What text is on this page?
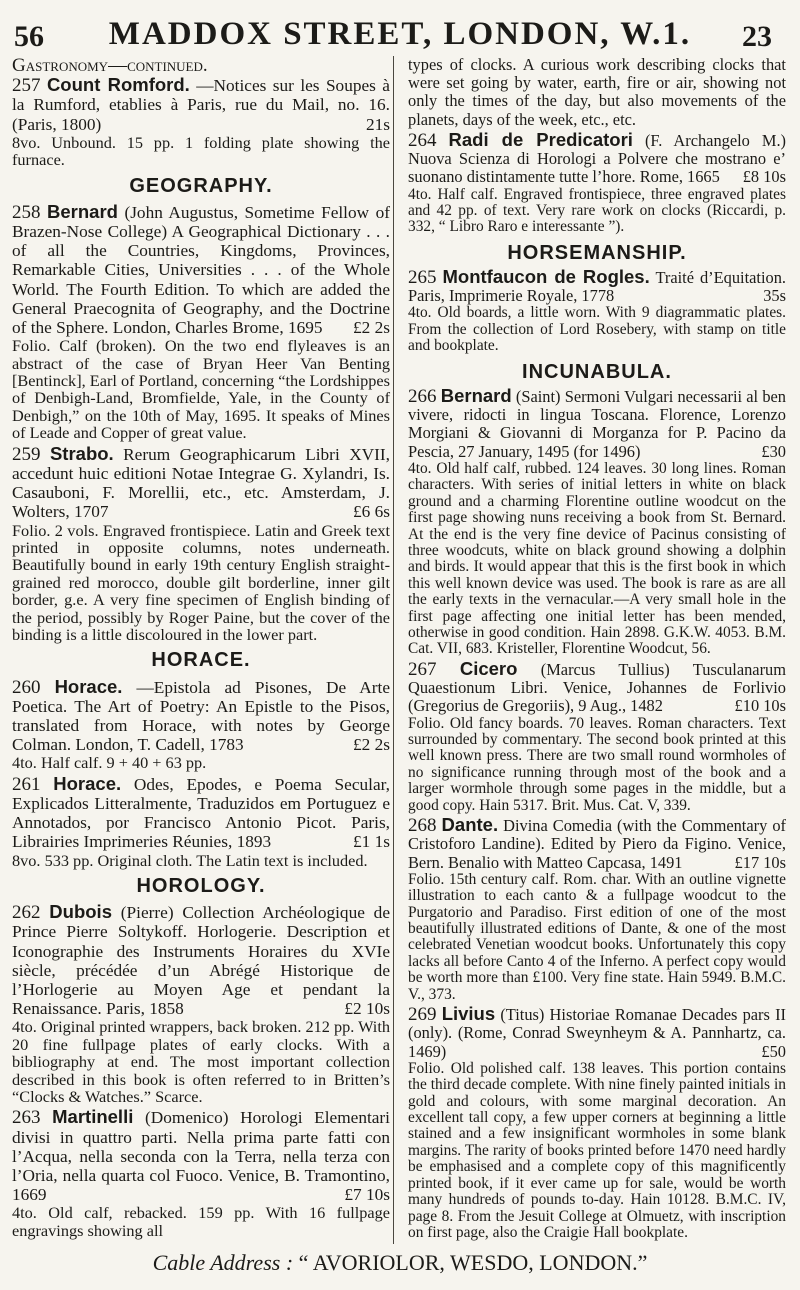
56	MADDOX STREET, LONDON, W.1.	23
Gastronomy—continued.
257 Count Romford. —Notices sur les Soupes à la Rumford, etablies à Paris, rue du Mail, no. 16. (Paris, 1800)	21s
8vo. Unbound. 15 pp. 1 folding plate showing the furnace.
GEOGRAPHY.
258 Bernard (John Augustus, Sometime Fellow of Brazen-Nose College) A Geographical Dictionary . . . of all the Countries, Kingdoms, Provinces, Remarkable Cities, Universities . . . of the Whole World. The Fourth Edition. To which are added the General Praecognita of Geography, and the Doctrine of the Sphere. London, Charles Brome, 1695 £2 2s
Folio. Calf (broken). On the two end flyleaves is an abstract of the case of Bryan Heer Van Benting [Bentinck], Earl of Portland, concerning “the Lordshippes of Denbigh-Land, Bromfielde, Yale, in the County of Denbigh,” on the 10th of May, 1695. It speaks of Mines of Leade and Copper of great value.
259 Strabo. Rerum Geographicarum Libri XVII, accedunt huic editioni Notae Integrae G. Xylandri, Is. Casauboni, F. Morellii, etc., etc. Amsterdam, J. Wolters, 1707	£6 6s
Folio. 2 vols. Engraved frontispiece. Latin and Greek text printed in opposite columns, notes underneath. Beautifully bound in early 19th century English straight-grained red morocco, double gilt borderline, inner gilt border, g.e. A very fine specimen of English binding of the period, possibly by Roger Paine, but the cover of the binding is a little discoloured in the lower part.
HORACE.
260 Horace. —Epistola ad Pisones, De Arte Poetica. The Art of Poetry: An Epistle to the Pisos, translated from Horace, with notes by George Colman. London, T. Cadell, 1783	£2 2s
4to. Half calf. 9 + 40 + 63 pp.
261 Horace. Odes, Epodes, e Poema Secular, Explicados Litteralmente, Traduzidos em Portuguez e Annotados, por Francisco Antonio Picot. Paris, Librairies Imprimeries Réunies, 1893	£1 1s
8vo. 533 pp. Original cloth. The Latin text is included.
HOROLOGY.
262 Dubois (Pierre) Collection Archéologique de Prince Pierre Soltykoff. Horlogerie. Description et Iconographie des Instruments Horaires du XVIe siècle, précédée d’un Abrégé Historique de l’Horlogerie au Moyen Age et pendant la Renaissance. Paris, 1858	£2 10s
4to. Original printed wrappers, back broken. 212 pp. With 20 fine fullpage plates of early clocks. With a bibliography at end. The most important collection described in this book is often referred to in Britten’s “Clocks & Watches.” Scarce.
263 Martinelli (Domenico) Horologi Elementari divisi in quattro parti. Nella prima parte fatti con l’Acqua, nella seconda con la Terra, nella terza con l’Oria, nella quarta col Fuoco. Venice, B. Tramontino, 1669	£7 10s
4to. Old calf, rebacked. 159 pp. With 16 fullpage engravings showing all
types of clocks. A curious work describing clocks that were set going by water, earth, fire or air, showing not only the times of the day, but also movements of the planets, days of the week, etc., etc.
264 Radi de Predicatori (F. Archangelo M.) Nuova Scienza di Horologi a Polvere che mostrano e’ suonano distintamente tutte l’hore. Rome, 1665 £8 10s
4to. Half calf. Engraved frontispiece, three engraved plates and 42 pp. of text. Very rare work on clocks (Riccardi, p. 332, “ Libro Raro e interessante ”).
HORSEMANSHIP.
265 Montfaucon de Rogles. Traité d’Equitation. Paris, Imprimerie Royale, 1778	35s
4to. Old boards, a little worn. With 9 diagrammatic plates. From the collection of Lord Rosebery, with stamp on title and bookplate.
INCUNABULA.
266 Bernard (Saint) Sermoni Vulgari necessarii al ben vivere, ridocti in lingua Toscana. Florence, Lorenzo Morgiani & Giovanni di Morganza for P. Pacino da Pescia, 27 January, 1495 (for 1496)	£30
4to. Old half calf, rubbed. 124 leaves. 30 long lines. Roman characters. With series of initial letters in white on black ground and a charming Florentine outline woodcut on the first page showing nuns receiving a book from St. Bernard. At the end is the very fine device of Pacinus consisting of three woodcuts, white on black ground showing a dolphin and birds. It would appear that this is the first book in which this well known device was used. The book is rare as are all the early texts in the vernacular.—A very small hole in the first page affecting one initial letter has been mended, otherwise in good condition. Hain 2898. G.K.W. 4053. B.M. Cat. VII, 683. Kristeller, Florentine Woodcut, 56.
267 Cicero (Marcus Tullius) Tusculanarum Quaestionum Libri. Venice, Johannes de Forlivio (Gregorius de Gregoriis), 9 Aug., 1482	£10 10s
Folio. Old fancy boards. 70 leaves. Roman characters. Text surrounded by commentary. The second book printed at this well known press. There are two small round wormholes of no significance running through most of the book and a larger wormhole through some pages in the middle, but a good copy. Hain 5317. Brit. Mus. Cat. V, 339.
268 Dante. Divina Comedia (with the Commentary of Cristoforo Landine). Edited by Piero da Figino. Venice, Bern. Benalio with Matteo Capcasa, 1491	£17 10s
Folio. 15th century calf. Rom. char. With an outline vignette illustration to each canto & a fullpage woodcut to the Purgatorio and Paradiso. First edition of one of the most beautifully illustrated editions of Dante, & one of the most celebrated Venetian woodcut books. Unfortunately this copy lacks all before Canto 4 of the Inferno. A perfect copy would be worth more than £100. Very fine state. Hain 5949. B.M.C. V., 373.
269 Livius (Titus) Historiae Romanae Decades pars II (only). (Rome, Conrad Sweynheym & A. Pannhartz, ca. 1469)	£50
Folio. Old polished calf. 138 leaves. This portion contains the third decade complete. With nine finely painted initials in gold and colours, with some marginal decoration. An excellent tall copy, a few upper corners at beginning a little stained and a few insignificant wormholes in some blank margins. The rarity of books printed before 1470 need hardly be emphasised and a complete copy of this magnificently printed book, if it ever came up for sale, would be worth many hundreds of pounds to-day. Hain 10128. B.M.C. IV, page 8. From the Jesuit College at Olmuetz, with inscription on first page, also the Craigie Hall bookplate.
Cable Address : “ AVORIOLOR, WESDO, LONDON.”
